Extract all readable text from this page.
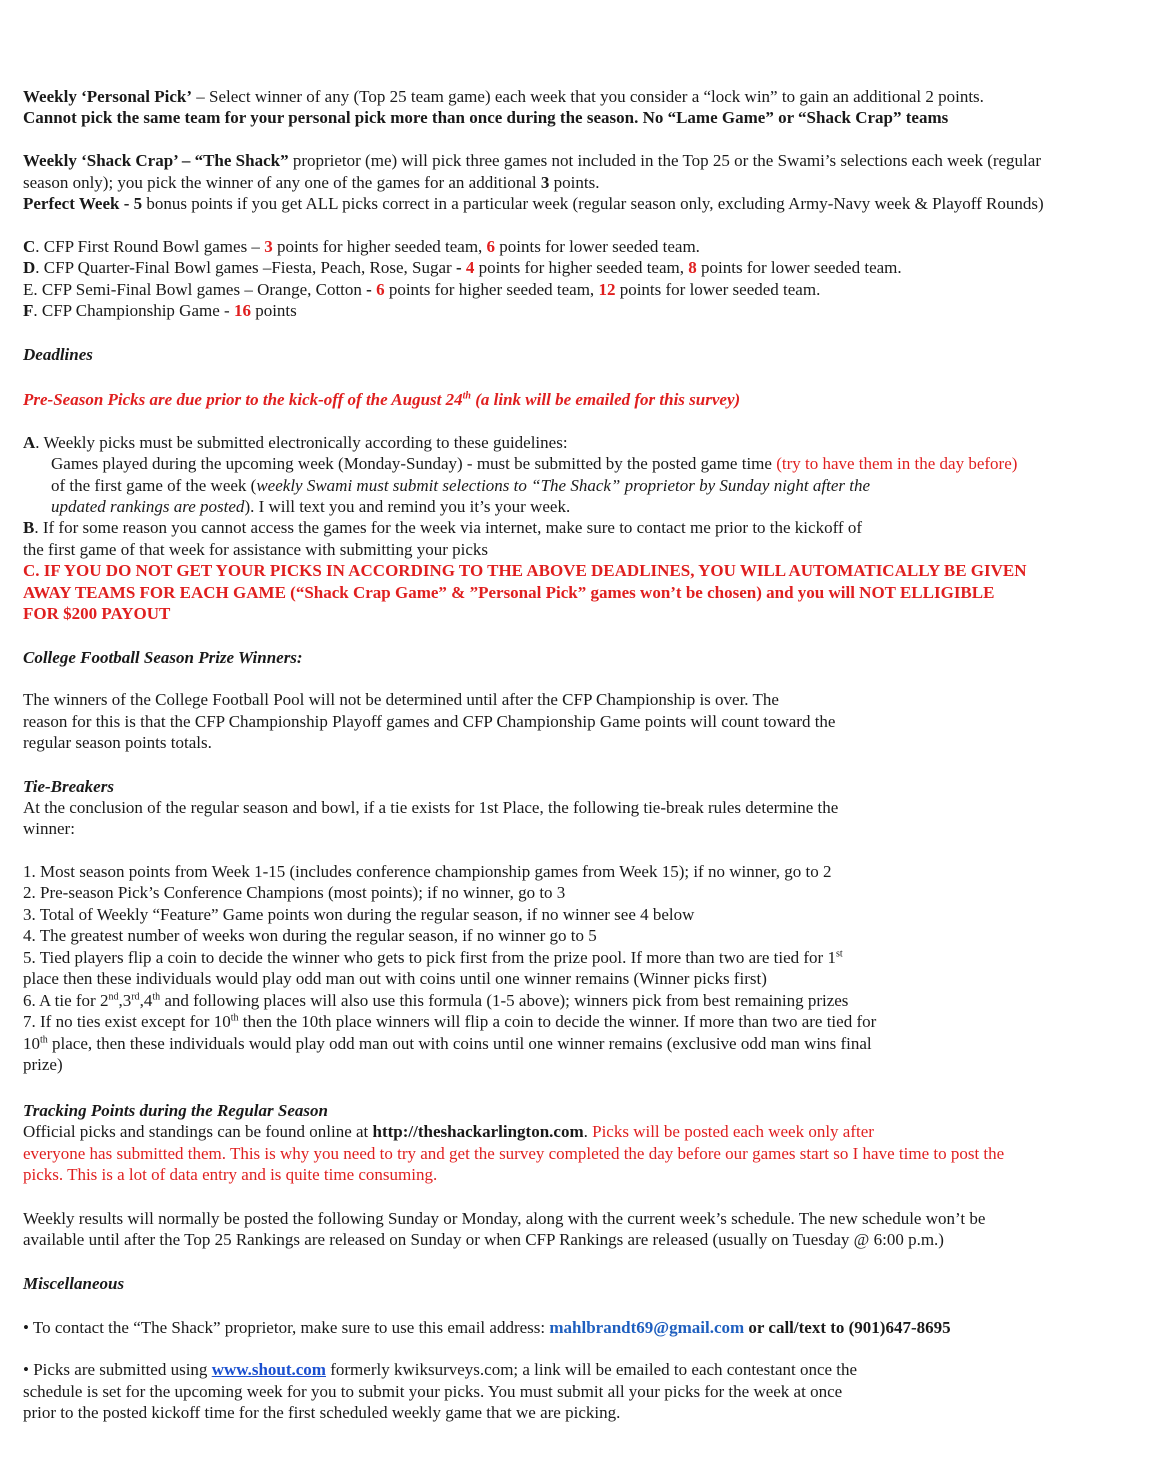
Weekly ‘Personal Pick’ – Select winner of any (Top 25 team game) each week that you consider a “lock win” to gain an additional 2 points.
Cannot pick the same team for your personal pick more than once during the season. No “Lame Game” or “Shack Crap” teams
Weekly ‘Shack Crap’ – “The Shack” proprietor (me) will pick three games not included in the Top 25 or the Swami’s selections each week (regular
season only); you pick the winner of any one of the games for an additional 3 points.
Perfect Week - 5 bonus points if you get ALL picks correct in a particular week (regular season only, excluding Army-Navy week & Playoff Rounds)
C. CFP First Round Bowl games – 3 points for higher seeded team, 6 points for lower seeded team.
D. CFP Quarter-Final Bowl games –Fiesta, Peach, Rose, Sugar - 4 points for higher seeded team, 8 points for lower seeded team.
E. CFP Semi-Final Bowl games – Orange, Cotton - 6 points for higher seeded team, 12 points for lower seeded team.
F. CFP Championship Game - 16 points
Deadlines
Pre-Season Picks are due prior to the kick-off of the August 24th (a link will be emailed for this survey)
A. Weekly picks must be submitted electronically according to these guidelines:
Games played during the upcoming week (Monday-Sunday) - must be submitted by the posted game time (try to have them in the day before)
of the first game of the week (weekly Swami must submit selections to “The Shack” proprietor by Sunday night after the
updated rankings are posted). I will text you and remind you it’s your week.
B. If for some reason you cannot access the games for the week via internet, make sure to contact me prior to the kickoff of
the first game of that week for assistance with submitting your picks
C. IF YOU DO NOT GET YOUR PICKS IN ACCORDING TO THE ABOVE DEADLINES, YOU WILL AUTOMATICALLY BE GIVEN
AWAY TEAMS FOR EACH GAME (“Shack Crap Game” & ”Personal Pick” games won’t be chosen) and you will NOT ELLIGIBLE
FOR $200 PAYOUT
College Football Season Prize Winners:
The winners of the College Football Pool will not be determined until after the CFP Championship is over. The
reason for this is that the CFP Championship Playoff games and CFP Championship Game points will count toward the
regular season points totals.
Tie-Breakers
At the conclusion of the regular season and bowl, if a tie exists for 1st Place, the following tie-break rules determine the
winner:
1. Most season points from Week 1-15 (includes conference championship games from Week 15); if no winner, go to 2
2. Pre-season Pick’s Conference Champions (most points); if no winner, go to 3
3. Total of Weekly “Feature” Game points won during the regular season, if no winner see 4 below
4. The greatest number of weeks won during the regular season, if no winner go to 5
5. Tied players flip a coin to decide the winner who gets to pick first from the prize pool. If more than two are tied for 1st
place then these individuals would play odd man out with coins until one winner remains (Winner picks first)
6. A tie for 2nd,3rd,4th and following places will also use this formula (1-5 above); winners pick from best remaining prizes
7. If no ties exist except for 10th then the 10th place winners will flip a coin to decide the winner. If more than two are tied for
10th place, then these individuals would play odd man out with coins until one winner remains (exclusive odd man wins final
prize)
Tracking Points during the Regular Season
Official picks and standings can be found online at http://theshackarlington.com. Picks will be posted each week only after
everyone has submitted them. This is why you need to try and get the survey completed the day before our games start so I have time to post the
picks. This is a lot of data entry and is quite time consuming.
Weekly results will normally be posted the following Sunday or Monday, along with the current week’s schedule. The new schedule won’t be
available until after the Top 25 Rankings are released on Sunday or when CFP Rankings are released (usually on Tuesday @ 6:00 p.m.)
Miscellaneous
• To contact the “The Shack” proprietor, make sure to use this email address: mahlbrandt69@gmail.com or call/text to (901)647-8695
• Picks are submitted using www.shout.com formerly kwiksurveys.com; a link will be emailed to each contestant once the
schedule is set for the upcoming week for you to submit your picks. You must submit all your picks for the week at once
prior to the posted kickoff time for the first scheduled weekly game that we are picking.
